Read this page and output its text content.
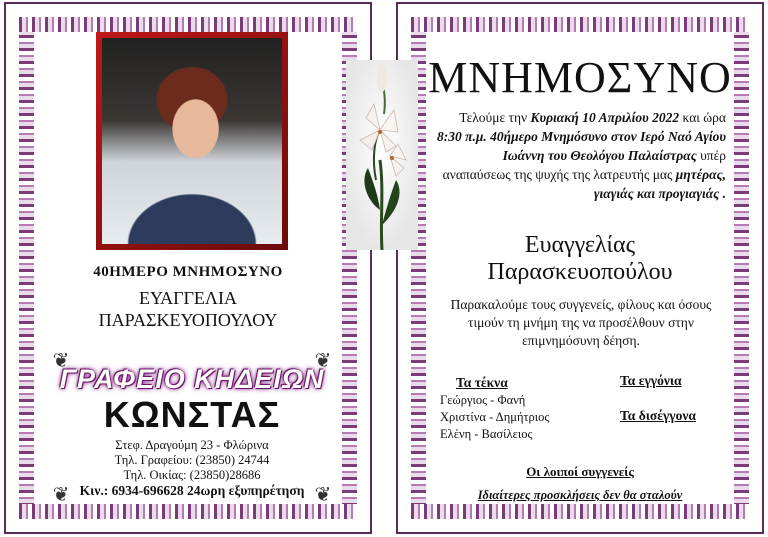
40ΗΜΕΡΟ ΜΝΗΜΟΣΥΝΟ
ΕΥΑΓΓΕΛΙΑ
ΠΑΡΑΣΚΕΥΟΠΟΥΛΟΥ
❦	❦
❦	❦
ΓΡΑΦΕΙΟ ΚΗΔΕΙΩΝ
ΚΩΝΣΤΑΣ
Στεφ. Δραγούμη 23 - Φλώρινα
Τηλ. Γραφείου: (23850) 24744
Τηλ. Οικίας: (23850)28686
Κιν.: 6934-696628 24ωρη εξυπηρέτηση
ΜΝΗΜΟΣΥΝΟ
Τελούμε την Κυριακή 10 Απριλίου 2022 και ώρα 8:30 π.μ. 40ήμερο Μνημόσυνο στον Ιερό Ναό Αγίου Ιωάννη του Θεολόγου Παλαίστρας υπέρ αναπαύσεως της ψυχής της λατρευτής μας μητέρας, γιαγιάς και προγιαγιάς .
Ευαγγελίας
Παρασκευοπούλου
Παρακαλούμε τους συγγενείς, φίλους και όσους τιμούν τη μνήμη της να προσέλθουν στην επιμνημόσυνη δέηση.
Τα τέκνα
Γεώργιος - Φανή
Χριστίνα - Δημήτριος
Ελένη - Βασίλειος
Τα εγγόνια
Τα δισέγγονα
Οι λοιποί συγγενείς
Ιδιαίτερες προσκλήσεις δεν θα σταλούν
